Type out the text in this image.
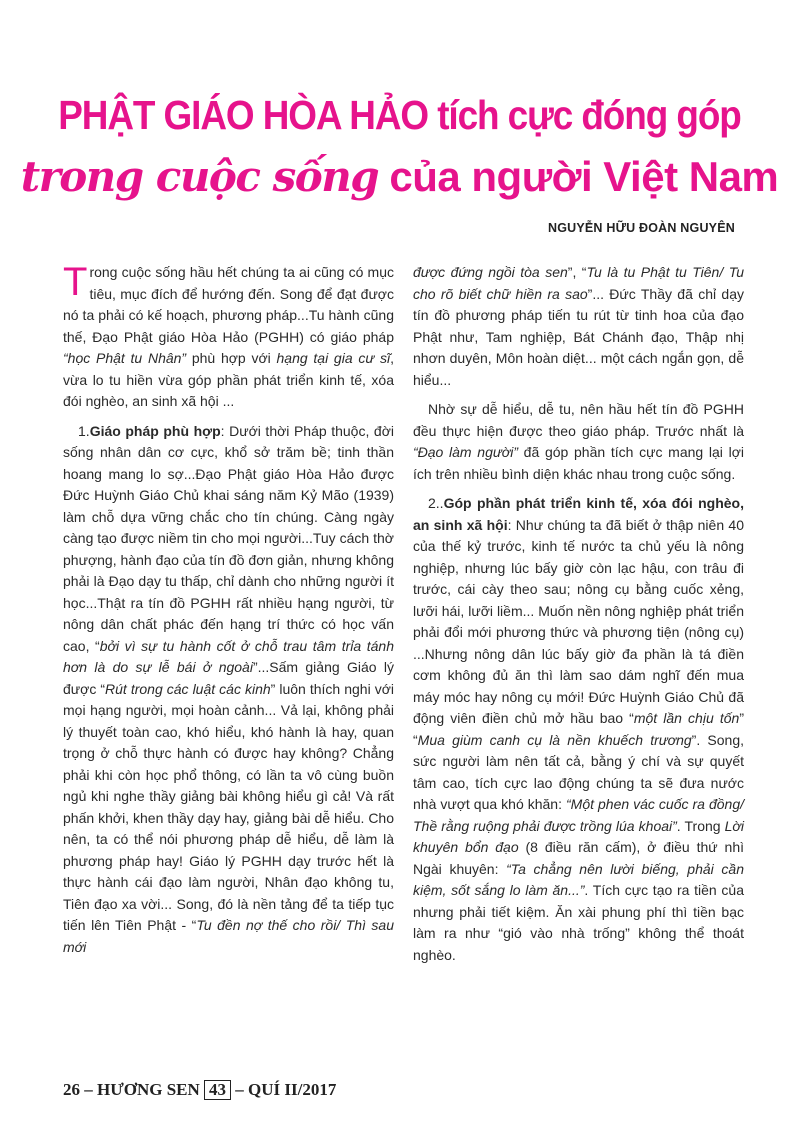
PHẬT GIÁO HÒA HẢO tích cực đóng góp
trong cuộc sống của người Việt Nam
NGUYỄN HỮU ĐOÀN NGUYÊN

Trong cuộc sống hầu hết chúng ta ai cũng có mục tiêu, mục đích để hướng đến. Song để đạt được nó ta phải có kế hoạch, phương pháp...Tu hành cũng thế, Đạo Phật giáo Hòa Hảo (PGHH) có giáo pháp “học Phật tu Nhân” phù hợp với hạng tại gia cư sĩ, vừa lo tu hiền vừa góp phần phát triển kinh tế, xóa đói nghèo, an sinh xã hội ...

1.Giáo pháp phù hợp: Dưới thời Pháp thuộc, đời sống nhân dân cơ cực, khổ sở trăm bề; tinh thần hoang mang lo sợ...Đạo Phật giáo Hòa Hảo được Đức Huỳnh Giáo Chủ khai sáng năm Kỷ Mão (1939) làm chỗ dựa vững chắc cho tín chúng. Càng ngày càng tạo được niềm tin cho mọi người...Tuy cách thờ phượng, hành đạo của tín đồ đơn giản, nhưng không phải là Đạo dạy tu thấp, chỉ dành cho những người ít học...Thật ra tín đồ PGHH rất nhiều hạng người, từ nông dân chất phác đến hạng trí thức có học vấn cao, “bởi vì sự tu hành cốt ở chỗ trau tâm trỉa tánh hơn là do sự lễ bái ở ngoài”...Sấm giảng Giáo lý được “Rút trong các luật các kinh” luôn thích nghi với mọi hạng người, mọi hoàn cảnh... Vả lại, không phải lý thuyết toàn cao, khó hiểu, khó hành là hay, quan trọng ở chỗ thực hành có được hay không? Chẳng phải khi còn học phổ thông, có lần ta vô cùng buồn ngủ khi nghe thầy giảng bài không hiểu gì cả! Và rất phấn khởi, khen thầy dạy hay, giảng bài dễ hiểu. Cho nên, ta có thể nói phương pháp dễ hiểu, dễ làm là phương pháp hay! Giáo lý PGHH dạy trước hết là thực hành cái đạo làm người, Nhân đạo không tu, Tiên đạo xa vời... Song, đó là nền tảng để ta tiếp tục tiến lên Tiên Phật - “Tu đền nợ thế cho rồi/ Thì sau mới

được đứng ngồi tòa sen”, “Tu là tu Phật tu Tiên/ Tu cho rõ biết chữ hiền ra sao”... Đức Thầy đã chỉ dạy tín đồ phương pháp tiến tu rút từ tinh hoa của đạo Phật như, Tam nghiệp, Bát Chánh đạo, Thập nhị nhơn duyên, Môn hoàn diệt... một cách ngắn gọn, dễ hiểu...

Nhờ sự dễ hiểu, dễ tu, nên hầu hết tín đồ PGHH đều thực hiện được theo giáo pháp. Trước nhất là “Đạo làm người” đã góp phần tích cực mang lại lợi ích trên nhiều bình diện khác nhau trong cuộc sống.

2..Góp phần phát triển kinh tế, xóa đói nghèo, an sinh xã hội: Như chúng ta đã biết ở thập niên 40 của thế kỷ trước, kinh tế nước ta chủ yếu là nông nghiệp, nhưng lúc bấy giờ còn lạc hậu, con trâu đi trước, cái cày theo sau; nông cụ bằng cuốc xẻng, lưỡi hái, lưỡi liềm... Muốn nền nông nghiệp phát triển phải đổi mới phương thức và phương tiện (nông cụ) ...Nhưng nông dân lúc bấy giờ đa phần là tá điền cơm không đủ ăn thì làm sao dám nghĩ đến mua máy móc hay nông cụ mới! Đức Huỳnh Giáo Chủ đã động viên điền chủ mở hầu bao “một lần chịu tốn” “Mua giùm canh cụ là nền khuếch trương”. Song, sức người làm nên tất cả, bằng ý chí và sự quyết tâm cao, tích cực lao động chúng ta sẽ đưa nước nhà vượt qua khó khăn: “Một phen vác cuốc ra đồng/ Thề rằng ruộng phải được trồng lúa khoai”. Trong Lời khuyên bổn đạo (8 điều răn cấm), ở điều thứ nhì Ngài khuyên: “Ta chẳng nên lười biếng, phải cần kiệm, sốt sắng lo làm ăn...”. Tích cực tạo ra tiền của nhưng phải tiết kiệm. Ăn xài phung phí thì tiền bạc làm ra như “gió vào nhà trống” không thể thoát nghèo.

26 – HƯƠNG SEN 43 – QUÍ II/2017
